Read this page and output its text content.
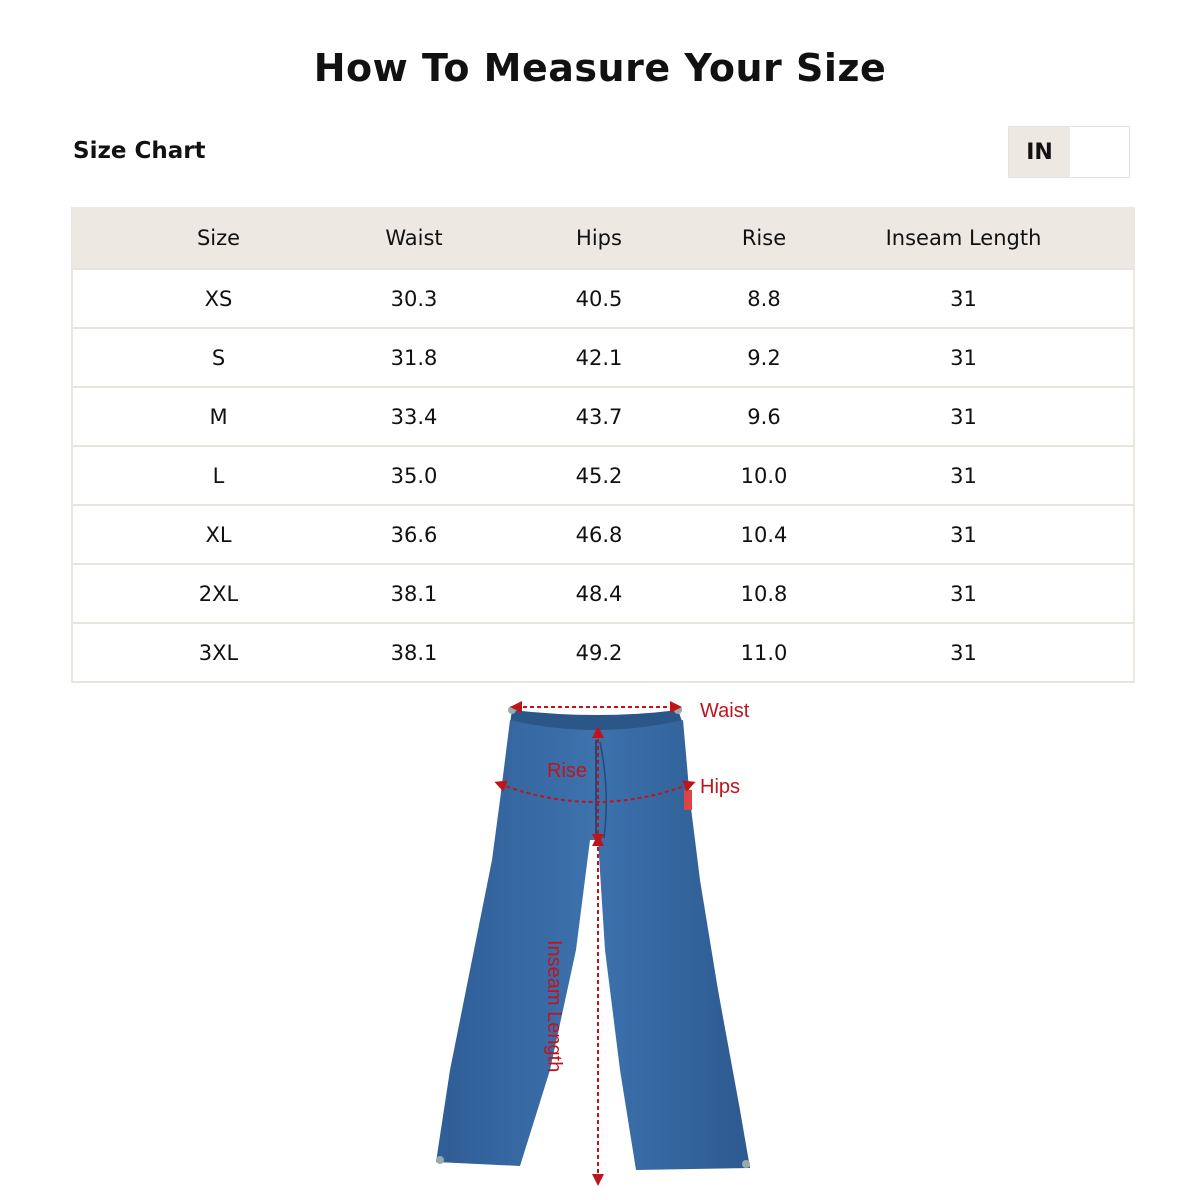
How To Measure Your Size
Size Chart	IN
Size	Waist	Hips	Rise	Inseam Length
XS	30.3	40.5	8.8	31
S	31.8	42.1	9.2	31
M	33.4	43.7	9.6	31
L	35.0	45.2	10.0	31
XL	36.6	46.8	10.4	31
2XL	38.1	48.4	10.8	31
3XL	38.1	49.2	11.0	31
Waist
Rise
Hips
Inseam Length
